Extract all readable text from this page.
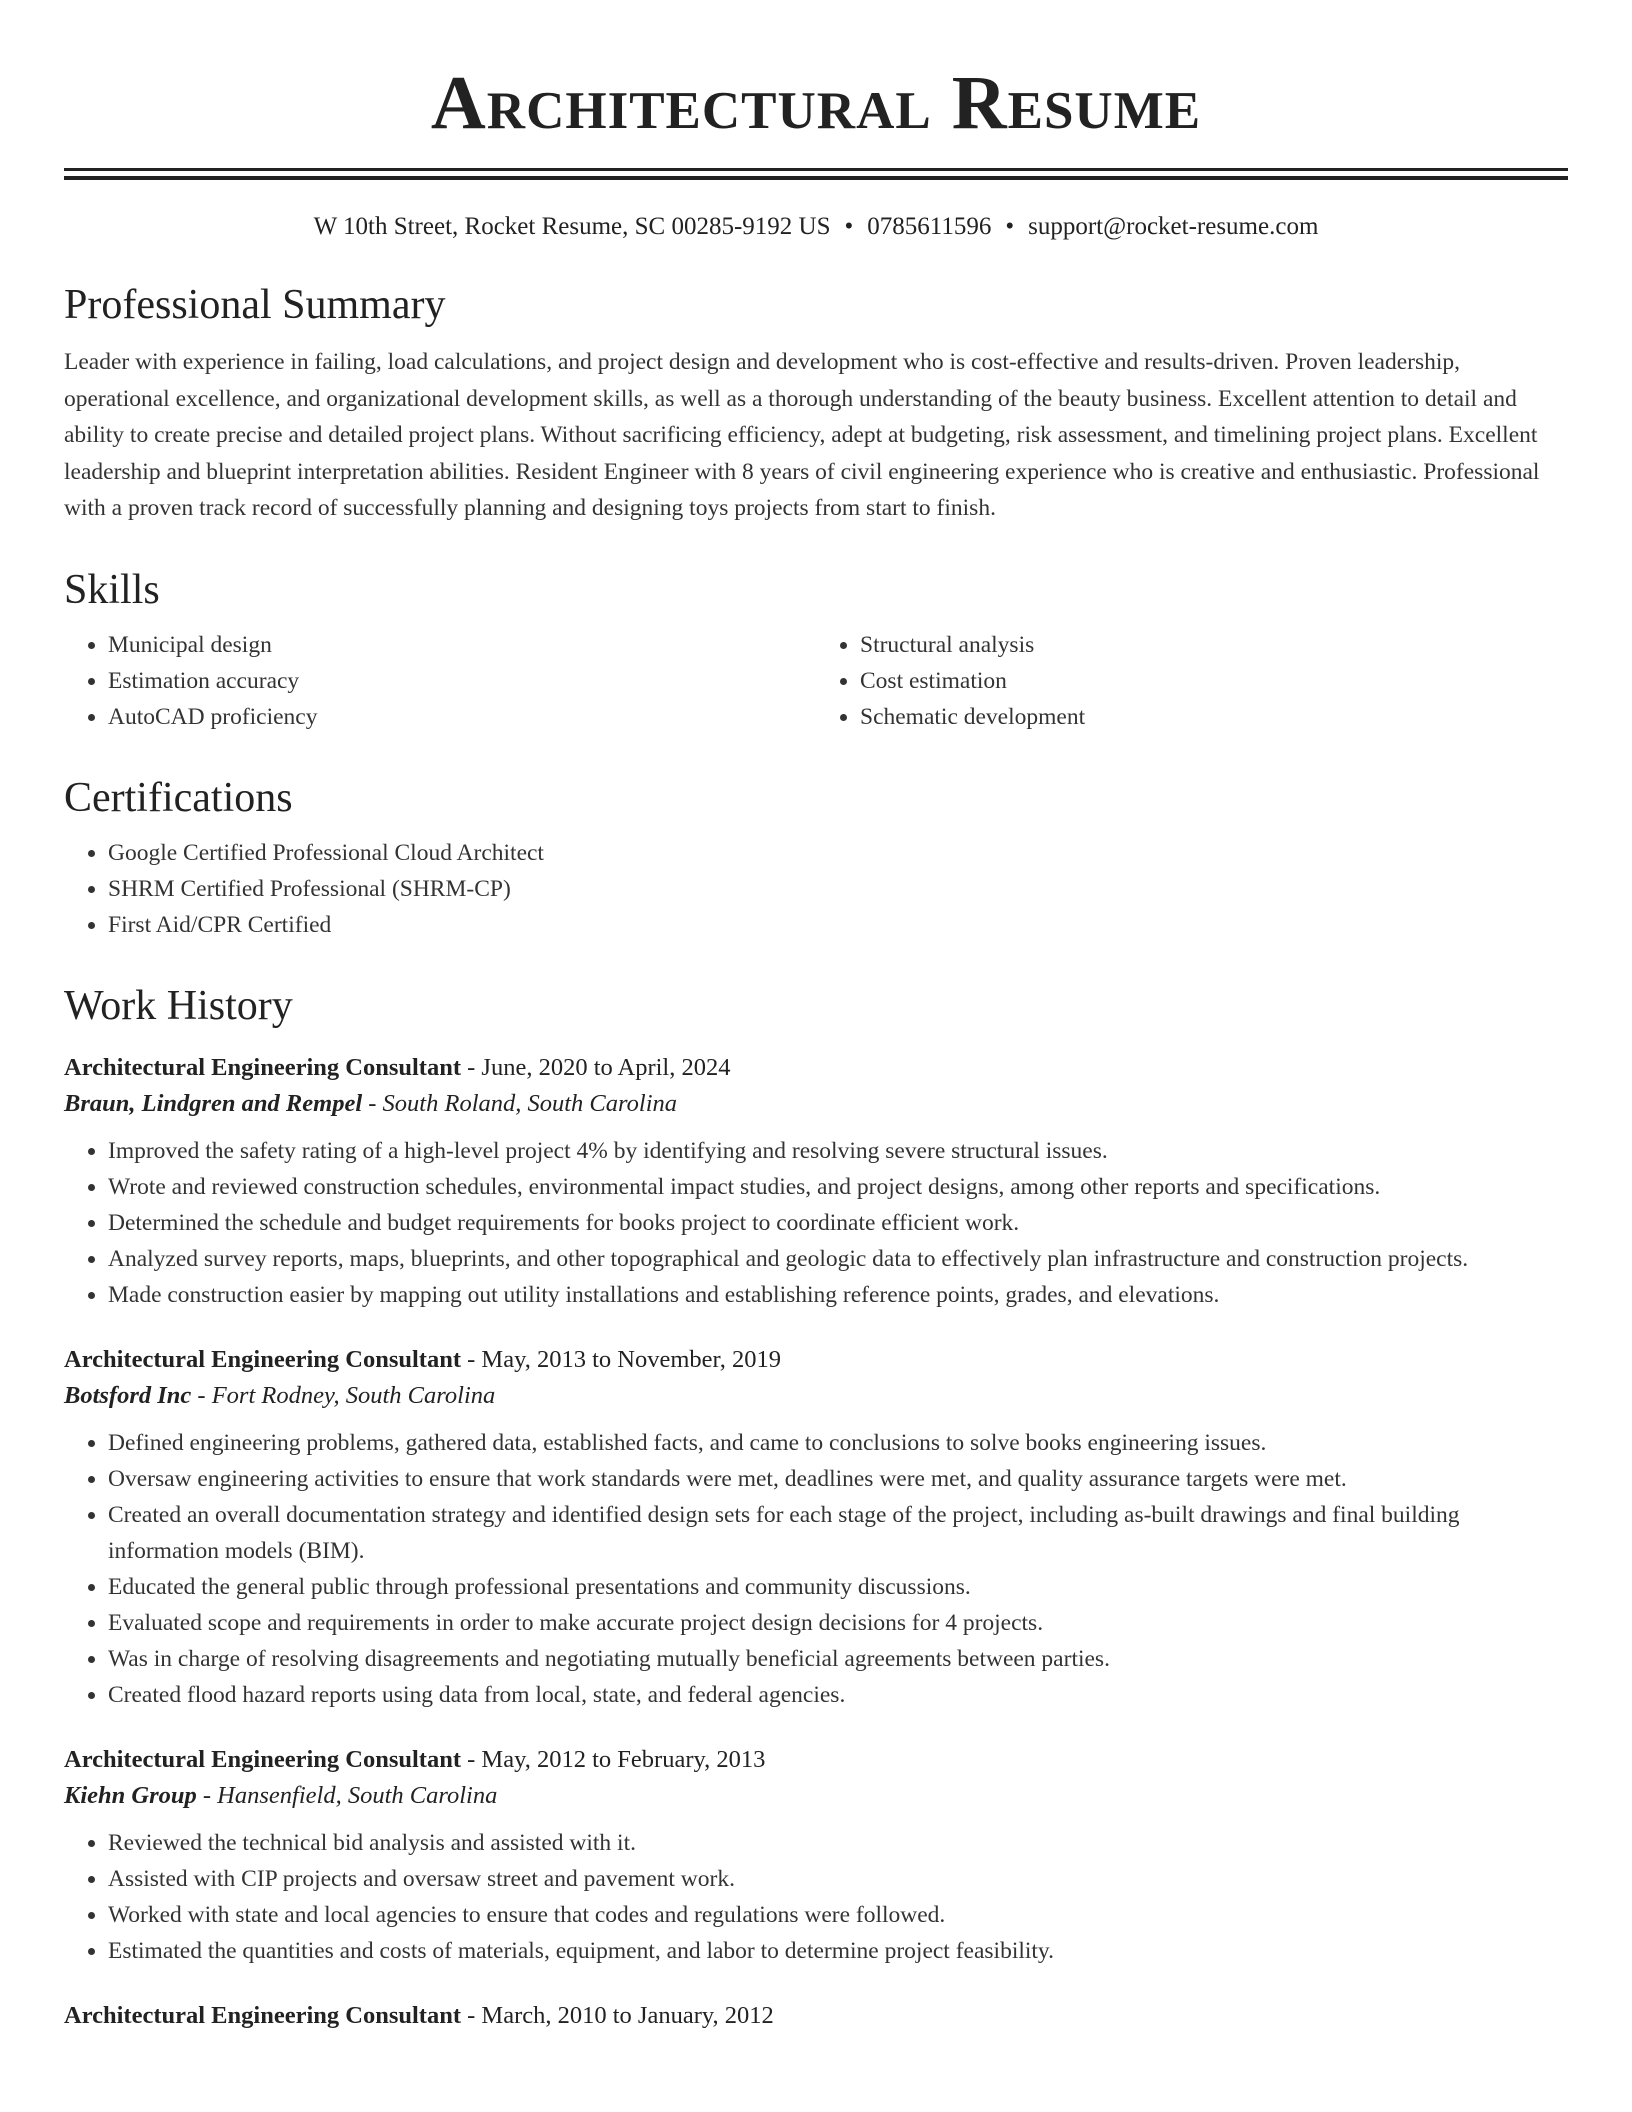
Architectural Resume
W 10th Street, Rocket Resume, SC 00285-9192 US • 0785611596 • support@rocket-resume.com
Professional Summary
Leader with experience in failing, load calculations, and project design and development who is cost-effective and results-driven. Proven leadership, operational excellence, and organizational development skills, as well as a thorough understanding of the beauty business. Excellent attention to detail and ability to create precise and detailed project plans. Without sacrificing efficiency, adept at budgeting, risk assessment, and timelining project plans. Excellent leadership and blueprint interpretation abilities. Resident Engineer with 8 years of civil engineering experience who is creative and enthusiastic. Professional with a proven track record of successfully planning and designing toys projects from start to finish.
Skills
• Municipal design
• Estimation accuracy
• AutoCAD proficiency
• Structural analysis
• Cost estimation
• Schematic development
Certifications
• Google Certified Professional Cloud Architect
• SHRM Certified Professional (SHRM-CP)
• First Aid/CPR Certified
Work History
Architectural Engineering Consultant - June, 2020 to April, 2024
Braun, Lindgren and Rempel - South Roland, South Carolina
• Improved the safety rating of a high-level project 4% by identifying and resolving severe structural issues.
• Wrote and reviewed construction schedules, environmental impact studies, and project designs, among other reports and specifications.
• Determined the schedule and budget requirements for books project to coordinate efficient work.
• Analyzed survey reports, maps, blueprints, and other topographical and geologic data to effectively plan infrastructure and construction projects.
• Made construction easier by mapping out utility installations and establishing reference points, grades, and elevations.
Architectural Engineering Consultant - May, 2013 to November, 2019
Botsford Inc - Fort Rodney, South Carolina
• Defined engineering problems, gathered data, established facts, and came to conclusions to solve books engineering issues.
• Oversaw engineering activities to ensure that work standards were met, deadlines were met, and quality assurance targets were met.
• Created an overall documentation strategy and identified design sets for each stage of the project, including as-built drawings and final building information models (BIM).
• Educated the general public through professional presentations and community discussions.
• Evaluated scope and requirements in order to make accurate project design decisions for 4 projects.
• Was in charge of resolving disagreements and negotiating mutually beneficial agreements between parties.
• Created flood hazard reports using data from local, state, and federal agencies.
Architectural Engineering Consultant - May, 2012 to February, 2013
Kiehn Group - Hansenfield, South Carolina
• Reviewed the technical bid analysis and assisted with it.
• Assisted with CIP projects and oversaw street and pavement work.
• Worked with state and local agencies to ensure that codes and regulations were followed.
• Estimated the quantities and costs of materials, equipment, and labor to determine project feasibility.
Architectural Engineering Consultant - March, 2010 to January, 2012
